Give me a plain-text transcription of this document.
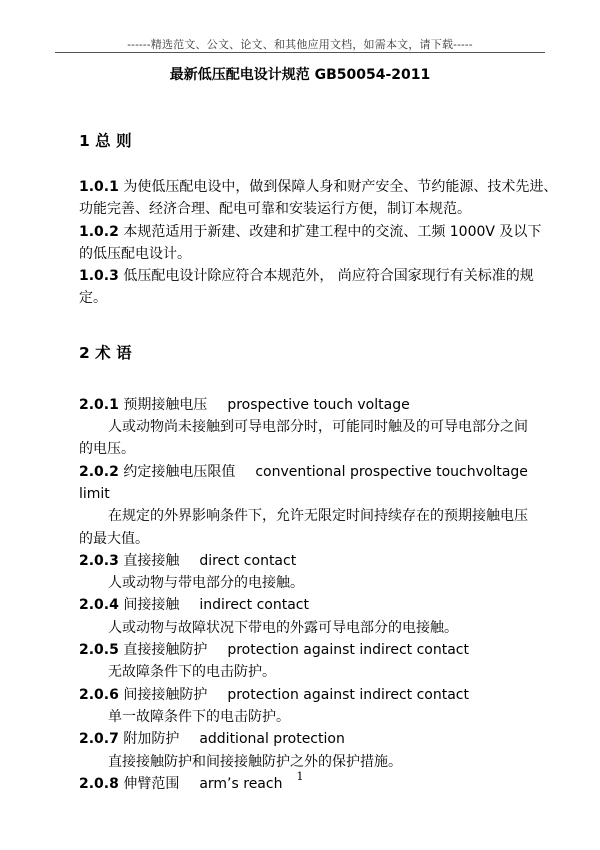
------精选范文、公文、论文、和其他应用文档，如需本文，请下载-----
最新低压配电设计规范 GB50054-2011
1 总 则
1.0.1 为使低压配电设中，做到保障人身和财产安全、节约能源、技术先进、
功能完善、经济合理、配电可靠和安装运行方便，制订本规范。
1.0.2 本规范适用于新建、改建和扩建工程中的交流、工频 1000V 及以下
的低压配电设计。
1.0.3 低压配电设计除应符合本规范外， 尚应符合国家现行有关标准的规
定。
2 术 语
2.0.1 预期接触电压 prospective touch voltage
人或动物尚未接触到可导电部分时，可能同时触及的可导电部分之间
的电压。
2.0.2 约定接触电压限值 conventional prospective touchvoltage
limit
在规定的外界影响条件下，允许无限定时间持续存在的预期接触电压
的最大值。
2.0.3 直接接触 direct contact
人或动物与带电部分的电接触。
2.0.4 间接接触 indirect contact
人或动物与故障状况下带电的外露可导电部分的电接触。
2.0.5 直接接触防护 protection against indirect contact
无故障条件下的电击防护。
2.0.6 间接接触防护 protection against indirect contact
单一故障条件下的电击防护。
2.0.7 附加防护 additional protection
直接接触防护和间接接触防护之外的保护措施。
2.0.8 伸臂范围 arm’s reach	1
